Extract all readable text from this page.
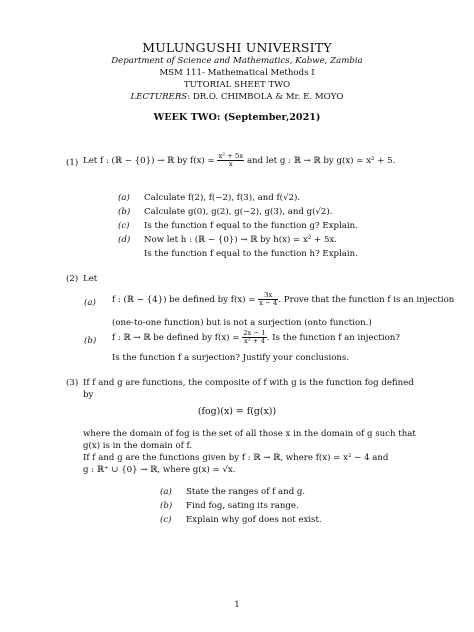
MULUNGUSHI UNIVERSITY
Department of Science and Mathematics, Kabwe, Zambia
MSM 111- Mathematical Methods I
TUTORIAL SHEET TWO
LECTURERS: DR.O. CHIMBOLA & Mr. E. MOYO
WEEK TWO: (September,2021)
(1) Let f : (ℝ − {0}) → ℝ by $f(x) = \frac{\text{x² + 5x}}{x}$ and let g : ℝ → ℝ by g(x) = x² + 5.
(a) Calculate f(2), f(−2), f(3), and f(√2).
(b) Calculate g(0), g(2), g(−2), g(3), and g(√2).
(c) Is the function f equal to the function g? Explain.
(d) Now let h : (ℝ − {0}) → ℝ by h(x) = x² + 5x.
Is the function f equal to the function h? Explain.
(2) Let
(a) f : (ℝ − {4}) be defined by $f(x) = \frac{3x}{x - 4}$ . Prove that the function f is an injection
(one-to-one function) but is not a surjection (onto function.)
(b) f : ℝ → ℝ be defined by $f(x) = \frac{2x - 1}{\text{x² + 4}}$ . Is the function f an injection?
Is the function f a surjection? Justify your conclusions.
(3) If f and g are functions, the composite of f with g is the function fog defined
by
(fog)(x) = f(g(x))
where the domain of fog is the set of all those x in the domain of g such that
g(x) is in the domain of f.
If f and g are the functions given by f : ℝ → ℝ, where f(x) = x² − 4 and
g : ℝ⁺ ∪ {0} → ℝ, where g(x) = √x.
(a) State the ranges of f and g.
(b) Find fog, sating its range.
(c) Explain why gof does not exist.
1
